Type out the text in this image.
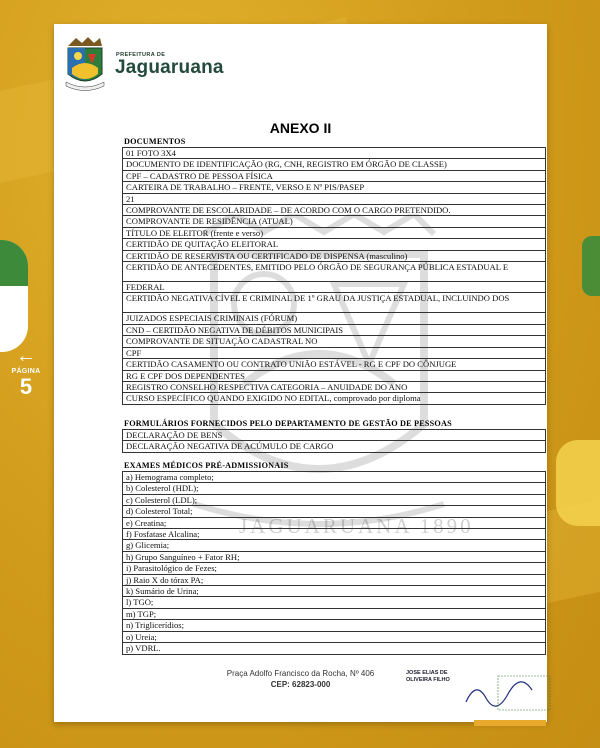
←
PÁGINA
5
PREFEITURA DE
Jaguaruana
ANEXO II
JAGUARUANA 1890
DOCUMENTOS
01 FOTO 3X4
DOCUMENTO DE IDENTIFICAÇÃO (RG, CNH, REGISTRO EM ÓRGÃO DE CLASSE)
CPF – CADASTRO DE PESSOA FÍSICA
CARTEIRA DE TRABALHO – FRENTE, VERSO E Nº PIS/PASEP
21
COMPROVANTE DE ESCOLARIDADE – DE ACORDO COM O CARGO PRETENDIDO.
COMPROVANTE DE RESIDÊNCIA (ATUAL)
TÍTULO DE ELEITOR (frente e verso)
CERTIDÃO DE QUITAÇÃO ELEITORAL
CERTIDÃO DE RESERVISTA OU CERTIFICADO DE DISPENSA (masculino)
CERTIDÃO DE ANTECEDENTES, EMITIDO PELO ÓRGÃO DE SEGURANÇA PÚBLICA ESTADUAL E
FEDERAL
CERTIDÃO NEGATIVA CÍVEL E CRIMINAL DE 1º GRAU DA JUSTIÇA ESTADUAL, INCLUINDO DOS
JUIZADOS ESPECIAIS CRIMINAIS (FÓRUM)
CND – CERTIDÃO NEGATIVA DE DÉBITOS MUNICIPAIS
COMPROVANTE DE SITUAÇÃO CADASTRAL NO
CPF
CERTIDÃO CASAMENTO OU CONTRATO UNIÃO ESTÁVEL - RG E CPF DO CÔNJUGE
RG E CPF DOS DEPENDENTES
REGISTRO CONSELHO RESPECTIVA CATEGORIA – ANUIDADE DO ANO
CURSO ESPECÍFICO QUANDO EXIGIDO NO EDITAL, comprovado por diploma
FORMULÁRIOS FORNECIDOS PELO DEPARTAMENTO DE GESTÃO DE PESSOAS
DECLARAÇÃO DE BENS
DECLARAÇÃO NEGATIVA DE ACÚMULO DE CARGO
EXAMES MÉDICOS PRÉ-ADMISSIONAIS
a) Hemograma completo;
b) Colesterol (HDL);
c) Colesterol (LDL);
d) Colesterol Total;
e) Creatina;
f) Fosfatase Alcalina;
g) Glicemia;
h) Grupo Sanguíneo + Fator RH;
i) Parasitológico de Fezes;
j) Raio X do tórax PA;
k) Sumário de Urina;
l) TGO;
m) TGP;
n) Triglicerídios;
o) Ureia;
p) VDRL.
Praça Adolfo Francisco da Rocha, Nº 406
CEP: 62823-000
JOSE ELIAS DE OLIVEIRA FILHO
